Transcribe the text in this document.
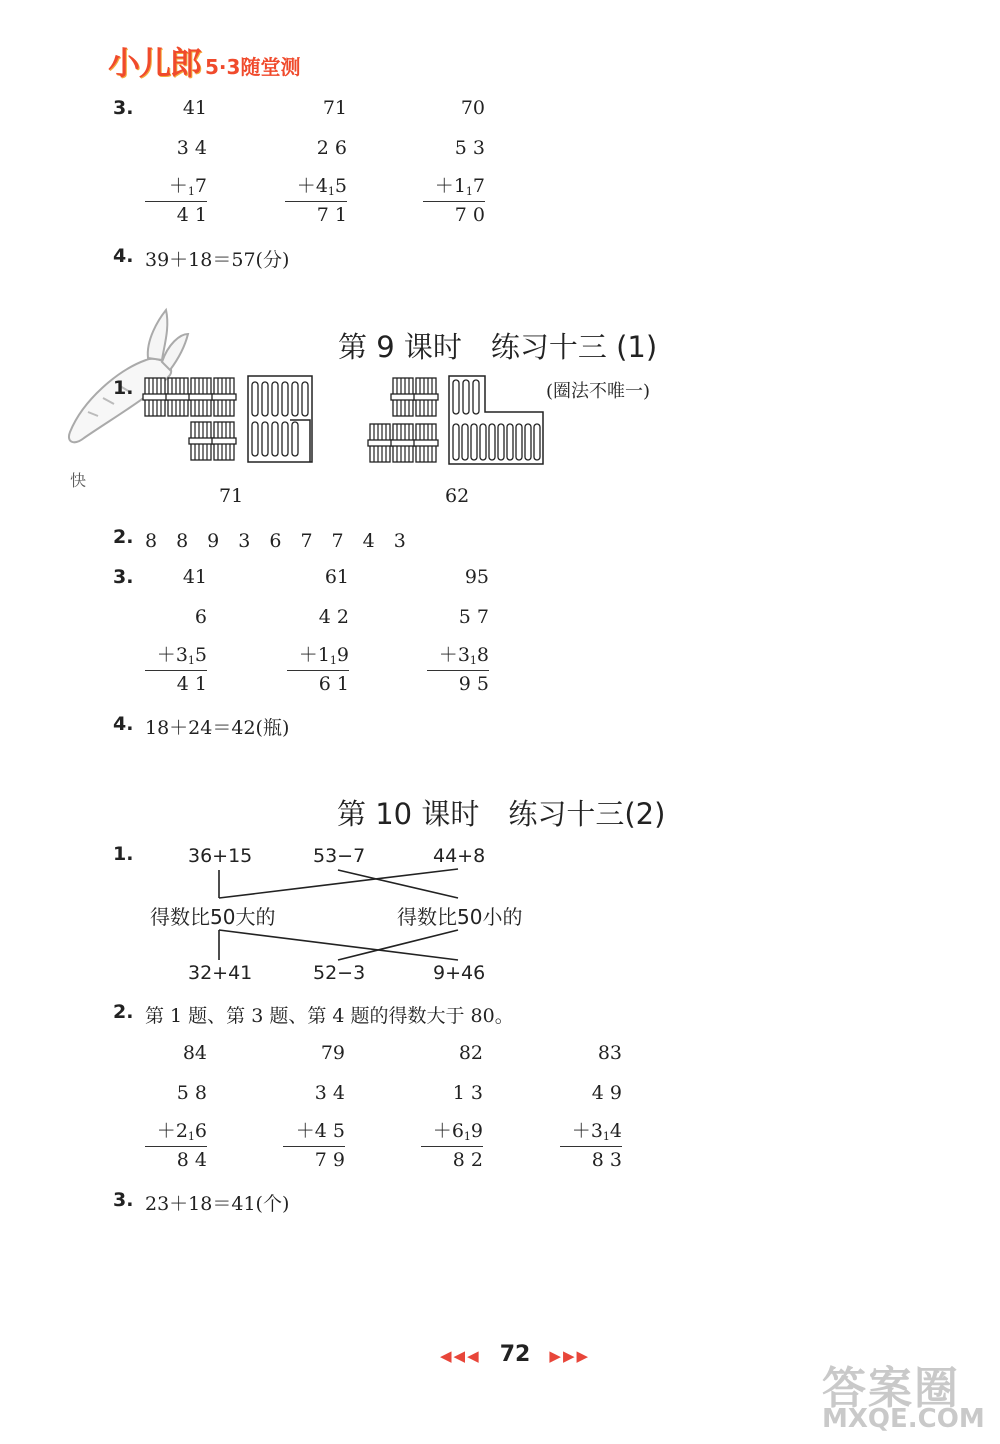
小儿郎 5·3随堂测
3.	41
3 4
$+_17$
4 1
71
2 6
$+4_15$
7 1
70
5 3
$+1_17$
7 0
4. 39＋18＝57(分)
快
第 9 课时　练习十三 (1)
1.	(圈法不唯一)
71	62
2. 8　8　9　3　6　7　7　4　3
3.	41
6
$+3_15$
4 1
61
4 2
$+1_19$
6 1
95
5 7
$+3_18$
9 5
4. 18＋24＝42(瓶)
第 10 课时　练习十三(2)
1.	36+15	53−7	44+8
得数比50大的	得数比50小的
32+41	52−3	9+46
2. 第 1 题、第 3 题、第 4 题的得数大于 80。
84
5 8
$+2_16$
8 4
79
3 4
＋4 5
7 9
82
1 3
$+6_19$
8 2
83
4 9
$+3_14$
8 3
3. 23＋18＝41(个)
◀◀◀ 72 ▶▶▶
答案圈
MXQE.COM
